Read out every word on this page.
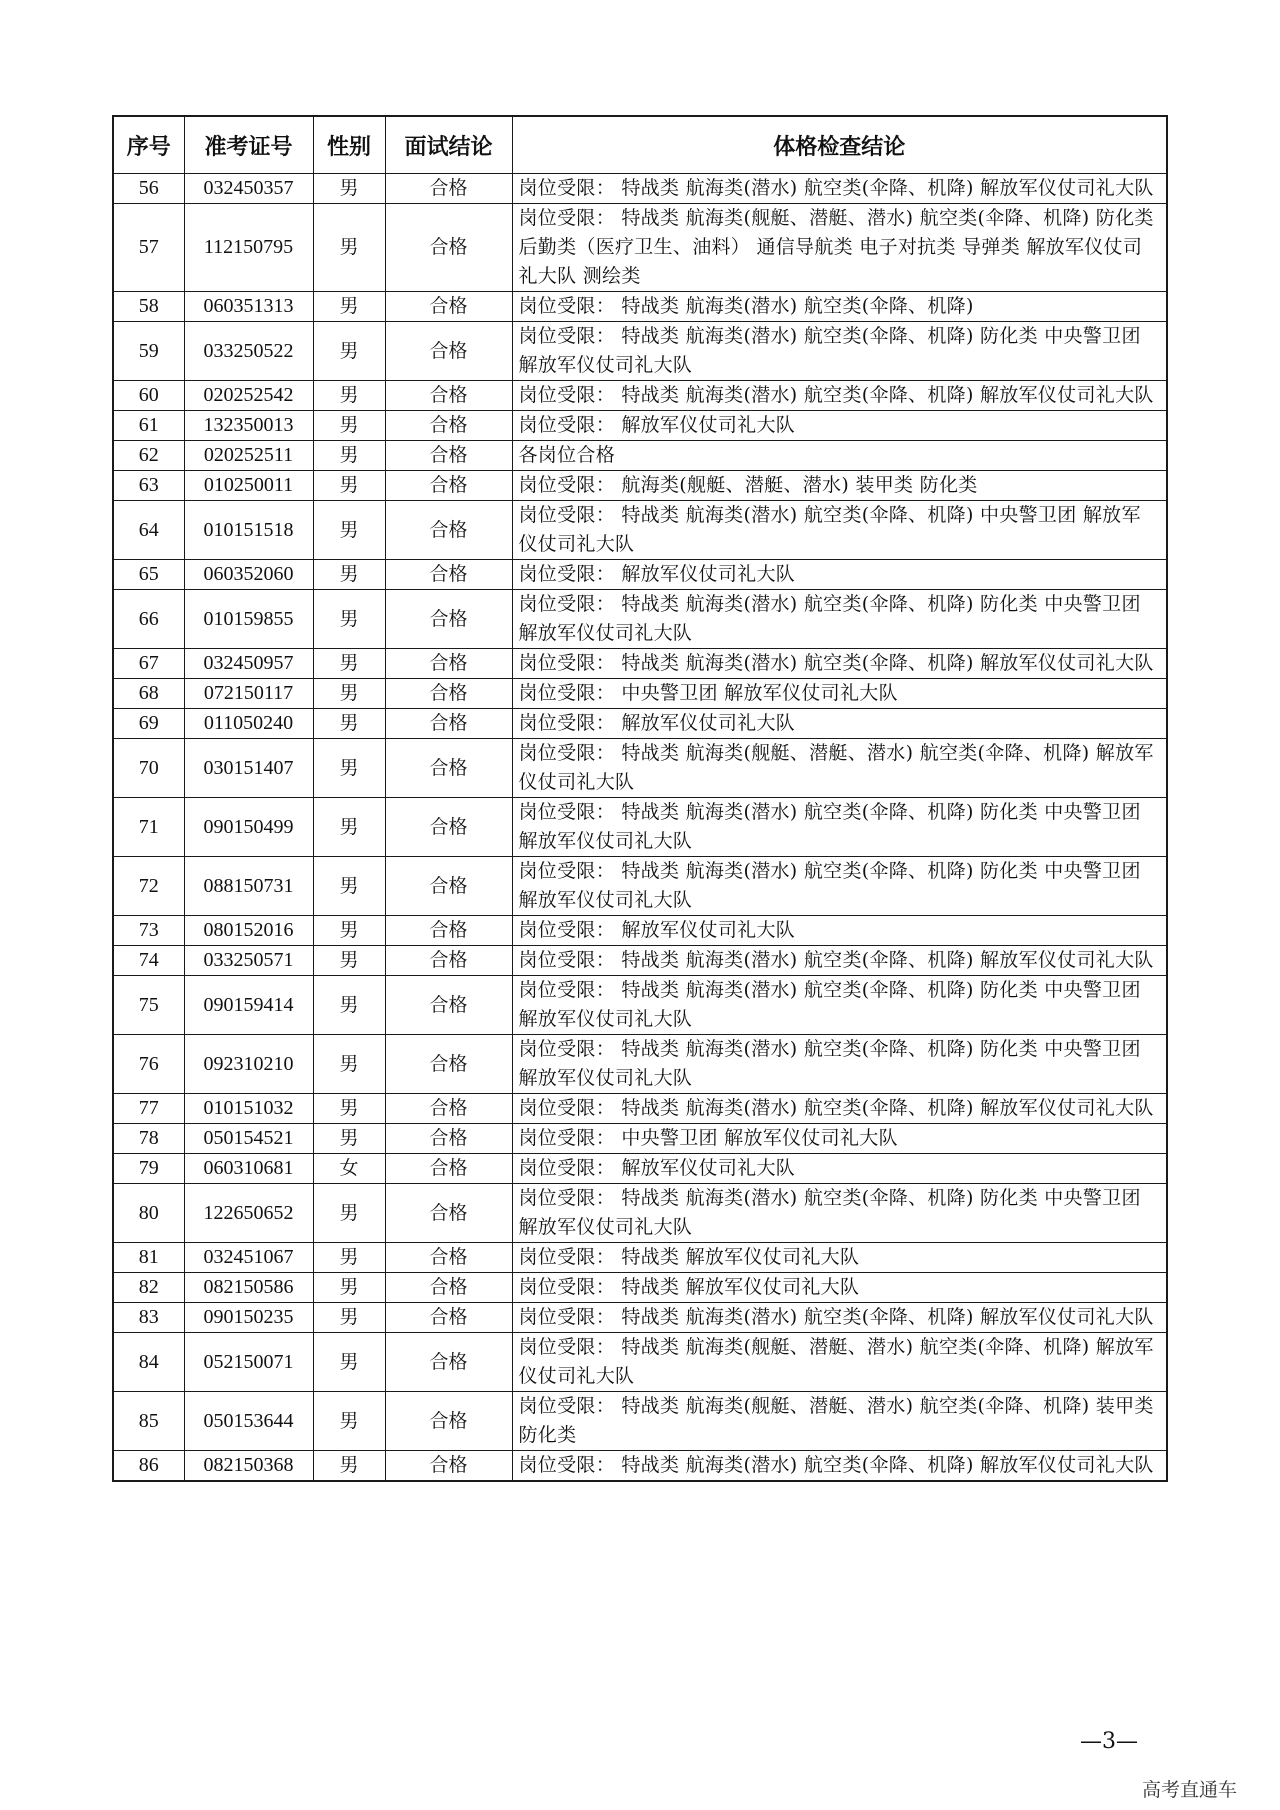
序号	准考证号	性别	面试结论	体格检查结论
56	032450357	男	合格	岗位受限： 特战类 航海类(潜水) 航空类(伞降、机降) 解放军仪仗司礼大队
57	112150795	男	合格	岗位受限： 特战类 航海类(舰艇、潜艇、潜水) 航空类(伞降、机降) 防化类 后勤类（医疗卫生、油料） 通信导航类 电子对抗类 导弹类 解放军仪仗司礼大队 测绘类
58	060351313	男	合格	岗位受限： 特战类 航海类(潜水) 航空类(伞降、机降)
59	033250522	男	合格	岗位受限： 特战类 航海类(潜水) 航空类(伞降、机降) 防化类 中央警卫团 解放军仪仗司礼大队
60	020252542	男	合格	岗位受限： 特战类 航海类(潜水) 航空类(伞降、机降) 解放军仪仗司礼大队
61	132350013	男	合格	岗位受限： 解放军仪仗司礼大队
62	020252511	男	合格	各岗位合格
63	010250011	男	合格	岗位受限： 航海类(舰艇、潜艇、潜水) 装甲类 防化类
64	010151518	男	合格	岗位受限： 特战类 航海类(潜水) 航空类(伞降、机降) 中央警卫团 解放军仪仗司礼大队
65	060352060	男	合格	岗位受限： 解放军仪仗司礼大队
66	010159855	男	合格	岗位受限： 特战类 航海类(潜水) 航空类(伞降、机降) 防化类 中央警卫团 解放军仪仗司礼大队
67	032450957	男	合格	岗位受限： 特战类 航海类(潜水) 航空类(伞降、机降) 解放军仪仗司礼大队
68	072150117	男	合格	岗位受限： 中央警卫团 解放军仪仗司礼大队
69	011050240	男	合格	岗位受限： 解放军仪仗司礼大队
70	030151407	男	合格	岗位受限： 特战类 航海类(舰艇、潜艇、潜水) 航空类(伞降、机降) 解放军仪仗司礼大队
71	090150499	男	合格	岗位受限： 特战类 航海类(潜水) 航空类(伞降、机降) 防化类 中央警卫团 解放军仪仗司礼大队
72	088150731	男	合格	岗位受限： 特战类 航海类(潜水) 航空类(伞降、机降) 防化类 中央警卫团 解放军仪仗司礼大队
73	080152016	男	合格	岗位受限： 解放军仪仗司礼大队
74	033250571	男	合格	岗位受限： 特战类 航海类(潜水) 航空类(伞降、机降) 解放军仪仗司礼大队
75	090159414	男	合格	岗位受限： 特战类 航海类(潜水) 航空类(伞降、机降) 防化类 中央警卫团 解放军仪仗司礼大队
76	092310210	男	合格	岗位受限： 特战类 航海类(潜水) 航空类(伞降、机降) 防化类 中央警卫团 解放军仪仗司礼大队
77	010151032	男	合格	岗位受限： 特战类 航海类(潜水) 航空类(伞降、机降) 解放军仪仗司礼大队
78	050154521	男	合格	岗位受限： 中央警卫团 解放军仪仗司礼大队
79	060310681	女	合格	岗位受限： 解放军仪仗司礼大队
80	122650652	男	合格	岗位受限： 特战类 航海类(潜水) 航空类(伞降、机降) 防化类 中央警卫团 解放军仪仗司礼大队
81	032451067	男	合格	岗位受限： 特战类 解放军仪仗司礼大队
82	082150586	男	合格	岗位受限： 特战类 解放军仪仗司礼大队
83	090150235	男	合格	岗位受限： 特战类 航海类(潜水) 航空类(伞降、机降) 解放军仪仗司礼大队
84	052150071	男	合格	岗位受限： 特战类 航海类(舰艇、潜艇、潜水) 航空类(伞降、机降) 解放军仪仗司礼大队
85	050153644	男	合格	岗位受限： 特战类 航海类(舰艇、潜艇、潜水) 航空类(伞降、机降) 装甲类 防化类
86	082150368	男	合格	岗位受限： 特战类 航海类(潜水) 航空类(伞降、机降) 解放军仪仗司礼大队
—3—
高考直通车
